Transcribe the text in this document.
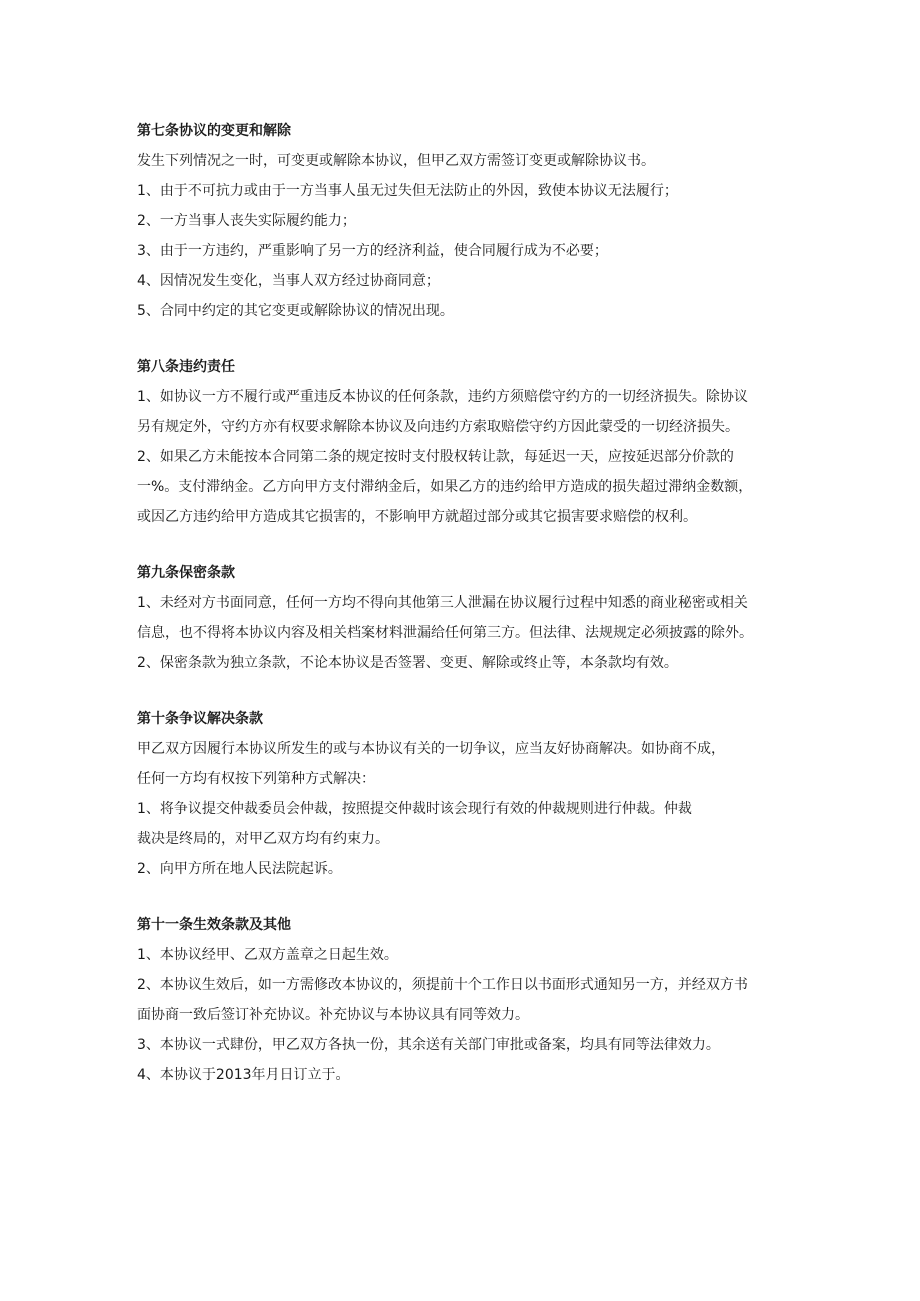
第七条协议的变更和解除
发生下列情况之一时，可变更或解除本协议，但甲乙双方需签订变更或解除协议书。
1、由于不可抗力或由于一方当事人虽无过失但无法防止的外因，致使本协议无法履行；
2、一方当事人丧失实际履约能力；
3、由于一方违约，严重影响了另一方的经济利益，使合同履行成为不必要；
4、因情况发生变化，当事人双方经过协商同意；
5、合同中约定的其它变更或解除协议的情况出现。
第八条违约责任
1、如协议一方不履行或严重违反本协议的任何条款，违约方须赔偿守约方的一切经济损失。除协议
另有规定外，守约方亦有权要求解除本协议及向违约方索取赔偿守约方因此蒙受的一切经济损失。
2、如果乙方未能按本合同第二条的规定按时支付股权转让款，每延迟一天，应按延迟部分价款的
一%。支付滞纳金。乙方向甲方支付滞纳金后，如果乙方的违约给甲方造成的损失超过滞纳金数额，
或因乙方违约给甲方造成其它损害的，不影响甲方就超过部分或其它损害要求赔偿的权利。
第九条保密条款
1、未经对方书面同意，任何一方均不得向其他第三人泄漏在协议履行过程中知悉的商业秘密或相关
信息，也不得将本协议内容及相关档案材料泄漏给任何第三方。但法律、法规规定必须披露的除外。
2、保密条款为独立条款，不论本协议是否签署、变更、解除或终止等，本条款均有效。
第十条争议解决条款
甲乙双方因履行本协议所发生的或与本协议有关的一切争议，应当友好协商解决。如协商不成，
任何一方均有权按下列第种方式解决：
1、将争议提交仲裁委员会仲裁，按照提交仲裁时该会现行有效的仲裁规则进行仲裁。仲裁
裁决是终局的，对甲乙双方均有约束力。
2、向甲方所在地人民法院起诉。
第十一条生效条款及其他
1、本协议经甲、乙双方盖章之日起生效。
2、本协议生效后，如一方需修改本协议的，须提前十个工作日以书面形式通知另一方，并经双方书
面协商一致后签订补充协议。补充协议与本协议具有同等效力。
3、本协议一式肆份，甲乙双方各执一份，其余送有关部门审批或备案，均具有同等法律效力。
4、本协议于2013年月日订立于。
